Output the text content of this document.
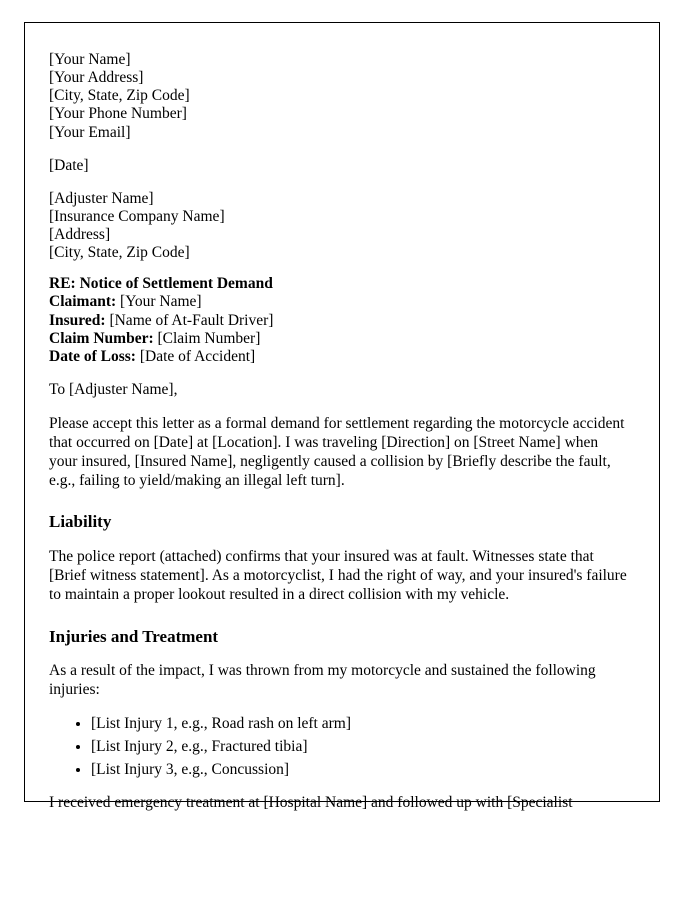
[Your Name]
[Your Address]
[City, State, Zip Code]
[Your Phone Number]
[Your Email]
[Date]
[Adjuster Name]
[Insurance Company Name]
[Address]
[City, State, Zip Code]
RE: Notice of Settlement Demand
Claimant: [Your Name]
Insured: [Name of At-Fault Driver]
Claim Number: [Claim Number]
Date of Loss: [Date of Accident]
To [Adjuster Name],
Please accept this letter as a formal demand for settlement regarding the motorcycle accident that occurred on [Date] at [Location]. I was traveling [Direction] on [Street Name] when your insured, [Insured Name], negligently caused a collision by [Briefly describe the fault, e.g., failing to yield/making an illegal left turn].
Liability
The police report (attached) confirms that your insured was at fault. Witnesses state that [Brief witness statement]. As a motorcyclist, I had the right of way, and your insured's failure to maintain a proper lookout resulted in a direct collision with my vehicle.
Injuries and Treatment
As a result of the impact, I was thrown from my motorcycle and sustained the following injuries:
• [List Injury 1, e.g., Road rash on left arm]
• [List Injury 2, e.g., Fractured tibia]
• [List Injury 3, e.g., Concussion]
I received emergency treatment at [Hospital Name] and followed up with [Specialist
